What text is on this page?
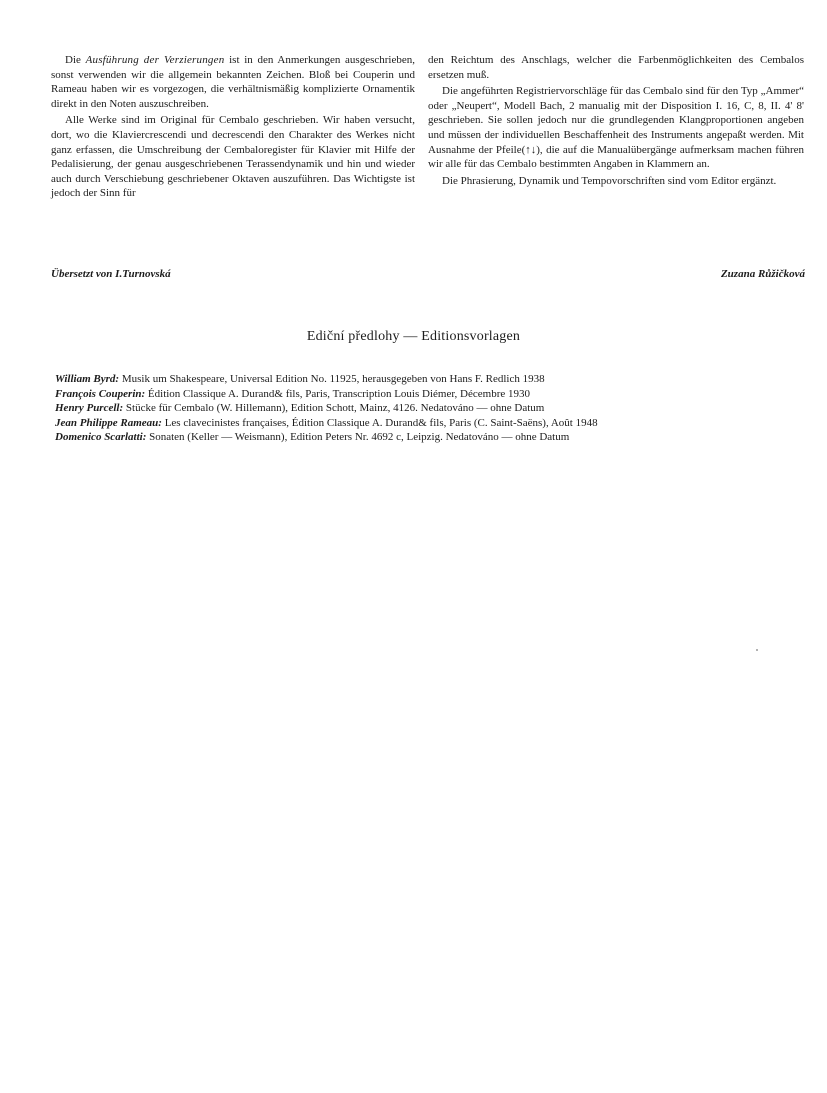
Die Ausführung der Verzierungen ist in den Anmerkungen ausgeschrieben, sonst verwenden wir die allgemein bekannten Zeichen. Bloß bei Couperin und Rameau haben wir es vorgezogen, die verhältnismäßig komplizierte Ornamentik direkt in den Noten auszuschreiben.

Alle Werke sind im Original für Cembalo geschrieben. Wir haben versucht, dort, wo die Klaviercrescendi und decrescendi den Charakter des Werkes nicht ganz erfassen, die Umschreibung der Cembaloregister für Klavier mit Hilfe der Pedalisierung, der genau ausgeschriebenen Terassendynamik und hin und wieder auch durch Verschiebung geschriebener Oktaven auszuführen. Das Wichtigste ist jedoch der Sinn für

den Reichtum des Anschlags, welcher die Farbenmöglichkeiten des Cembalos ersetzen muß.

Die angeführten Registriervorschläge für das Cembalo sind für den Typ „Ammer“ oder „Neupert“, Modell Bach, 2 manualig mit der Disposition I. 16, C, 8, II. 4' 8' geschrieben. Sie sollen jedoch nur die grundlegenden Klangproportionen angeben und müssen der individuellen Beschaffenheit des Instruments angepaßt werden. Mit Ausnahme der Pfeile(↑↓), die auf die Manualübergänge aufmerksam machen führen wir alle für das Cembalo bestimmten Angaben in Klammern an.

Die Phrasierung, Dynamik und Tempovorschriften sind vom Editor ergänzt.

Übersetzt von I.Turnovská	Zuzana Růžičková
Ediční předlohy — Editionsvorlagen
William Byrd: Musik um Shakespeare, Universal Edition No. 11925, herausgegeben von Hans F. Redlich 1938
François Couperin: Édition Classique A. Durand& fils, Paris, Transcription Louis Diémer, Décembre 1930
Henry Purcell: Stücke für Cembalo (W. Hillemann), Edition Schott, Mainz, 4126. Nedatováno — ohne Datum
Jean Philippe Rameau: Les claveciniste​s françaises, Édition Classique A. Durand& fils, Paris (C. Saint-Saëns), Août 1948
Domenico Scarlatti: Sonaten (Keller — Weismann), Edition Peters Nr. 4692 c, Leipzig. Nedatováno — ohne Datum
